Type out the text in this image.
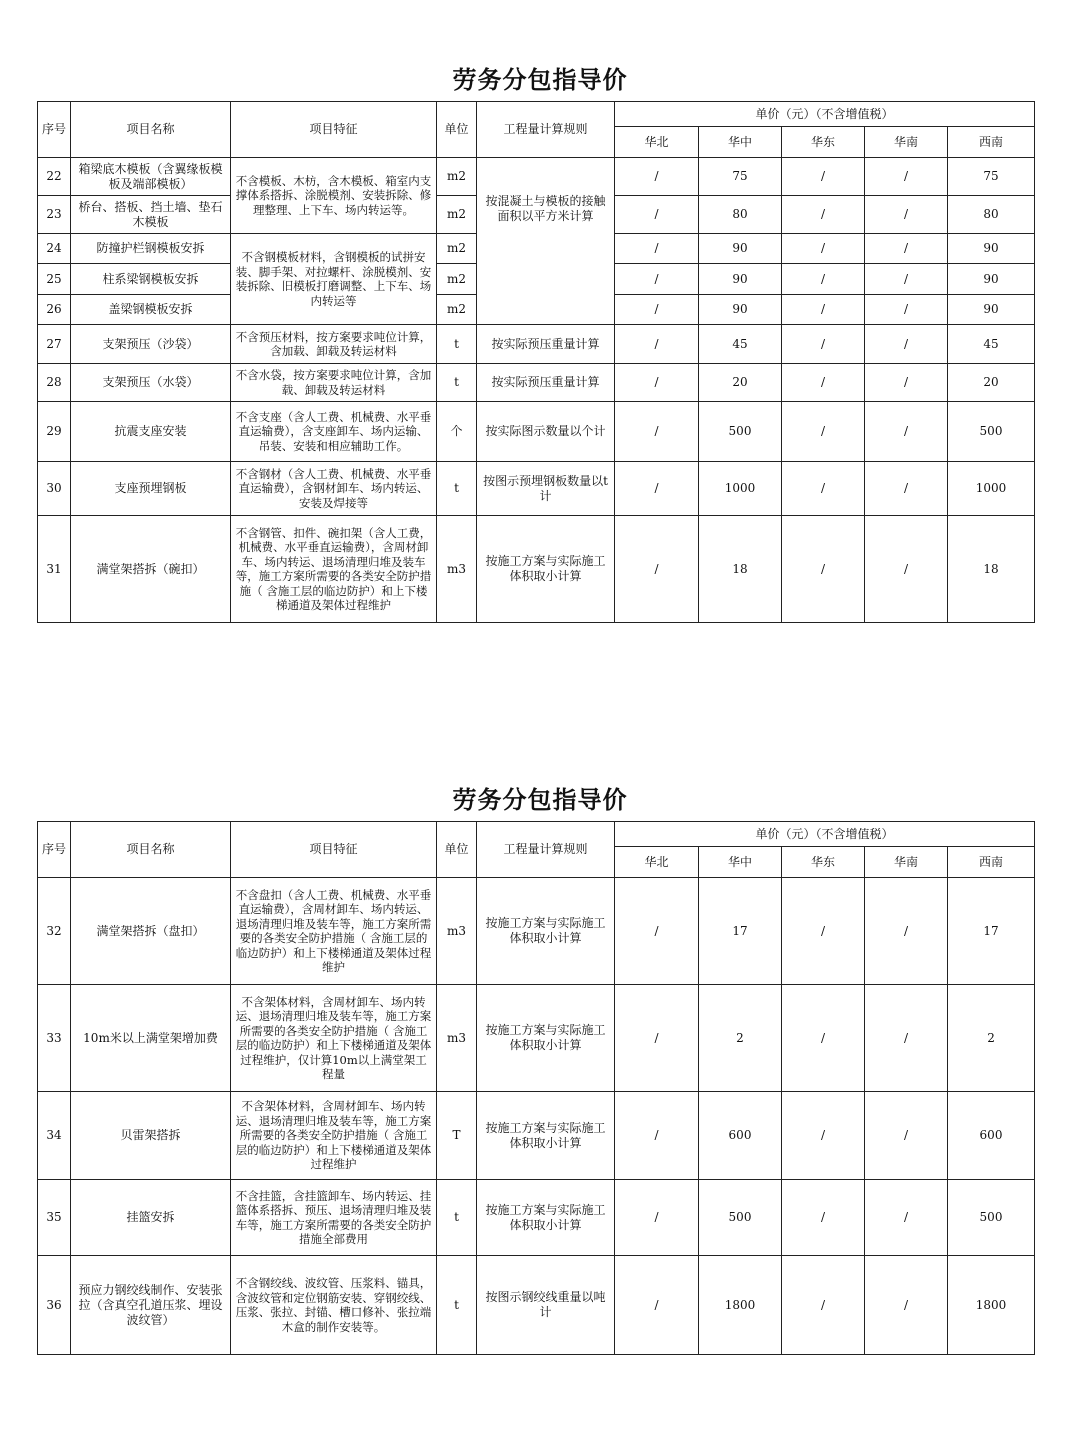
劳务分包指导价
序号	项目名称	项目特征	单位	工程量计算规则	单价（元）（不含增值税）				
					华北	华中	华东	华南	西南
22	箱梁底木模板（含翼缘板模板及端部模板）	不含模板、木枋，含木模板、箱室内支撑体系搭拆、涂脱模剂、安装拆除、修理整理、上下车、场内转运等。	m2	按混凝土与模板的接触面积以平方米计算	/	75	/	/	75
23	桥台、搭板、挡土墙、垫石木模板		m2		/	80	/	/	80
24	防撞护栏钢模板安拆	不含钢模板材料，含钢模板的试拼安装、脚手架、对拉螺杆、涂脱模剂、安装拆除、旧模板打磨调整、上下车、场内转运等	m2		/	90	/	/	90
25	柱系梁钢模板安拆		m2		/	90	/	/	90
26	盖梁钢模板安拆		m2		/	90	/	/	90
27	支架预压（沙袋）	不含预压材料，按方案要求吨位计算，含加载、卸载及转运材料	t	按实际预压重量计算	/	45	/	/	45
28	支架预压（水袋）	不含水袋，按方案要求吨位计算，含加载、卸载及转运材料	t	按实际预压重量计算	/	20	/	/	20
29	抗震支座安装	不含支座（含人工费、机械费、水平垂直运输费），含支座卸车、场内运输、吊装、安装和相应辅助工作。	个	按实际图示数量以个计	/	500	/	/	500
30	支座预埋钢板	不含钢材（含人工费、机械费、水平垂直运输费），含钢材卸车、场内转运、安装及焊接等	t	按图示预埋钢板数量以t计	/	1000	/	/	1000
31	满堂架搭拆（碗扣）	不含钢管、扣件、碗扣架（含人工费，机械费、水平垂直运输费），含周材卸车、场内转运、退场清理归堆及装车等，施工方案所需要的各类安全防护措施（ 含施工层的临边防护）和上下楼梯通道及架体过程维护	m3	按施工方案与实际施工体积取小计算	/	18	/	/	18
劳务分包指导价
序号	项目名称	项目特征	单位	工程量计算规则	单价（元）（不含增值税）				
					华北	华中	华东	华南	西南
32	满堂架搭拆（盘扣）	不含盘扣（含人工费、机械费、水平垂直运输费），含周材卸车、场内转运、退场清理归堆及装车等，施工方案所需要的各类安全防护措施（ 含施工层的临边防护）和上下楼梯通道及架体过程维护	m3	按施工方案与实际施工体积取小计算	/	17	/	/	17
33	10m米以上满堂架增加费	不含架体材料，含周材卸车、场内转运、退场清理归堆及装车等，施工方案所需要的各类安全防护措施（ 含施工层的临边防护）和上下楼梯通道及架体过程维护，仅计算10m以上满堂架工程量	m3	按施工方案与实际施工体积取小计算	/	2	/	/	2
34	贝雷架搭拆	不含架体材料，含周材卸车、场内转运、退场清理归堆及装车等，施工方案所需要的各类安全防护措施（ 含施工层的临边防护）和上下楼梯通道及架体过程维护	T	按施工方案与实际施工体积取小计算	/	600	/	/	600
35	挂篮安拆	不含挂篮，含挂篮卸车、场内转运、挂篮体系搭拆、预压、退场清理归堆及装车等，施工方案所需要的各类安全防护措施全部费用	t	按施工方案与实际施工体积取小计算	/	500	/	/	500
36	预应力钢绞线制作、安装张拉（含真空孔道压浆、埋设波纹管）	不含钢绞线、波纹管、压浆料、锚具，含波纹管和定位钢筋安装、穿钢绞线、压浆、张拉、封锚、槽口修补、张拉端木盒的制作安装等。	t	按图示钢绞线重量以吨计	/	1800	/	/	1800
